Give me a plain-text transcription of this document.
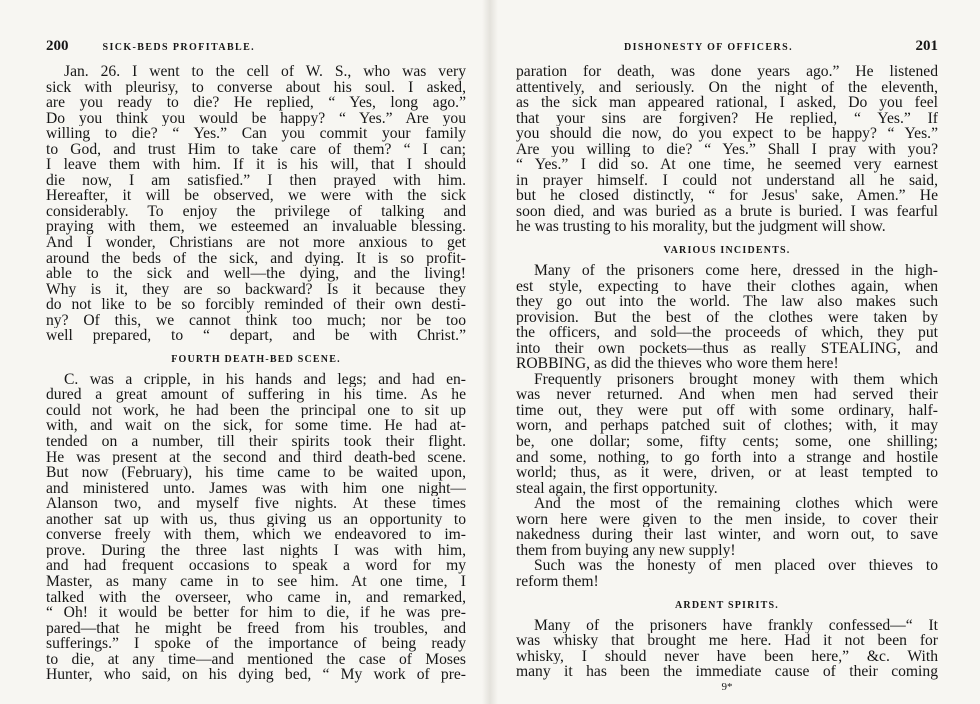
200	SICK-BEDS PROFITABLE.
Jan. 26. I went to the cell of W. S., who was very
sick with pleurisy, to converse about his soul. I asked,
are you ready to die? He replied, “ Yes, long ago.”
Do you think you would be happy? “ Yes.” Are you
willing to die? “ Yes.” Can you commit your family
to God, and trust Him to take care of them? “ I can;
I leave them with him. If it is his will, that I should
die now, I am satisfied.” I then prayed with him.
Hereafter, it will be observed, we were with the sick
considerably. To enjoy the privilege of talking and
praying with them, we esteemed an invaluable blessing.
And I wonder, Christians are not more anxious to get
around the beds of the sick, and dying. It is so profit-
able to the sick and well—the dying, and the living!
Why is it, they are so backward? Is it because they
do not like to be so forcibly reminded of their own desti-
ny? Of this, we cannot think too much; nor be too
well prepared, to “ depart, and be with Christ.”
FOURTH DEATH-BED SCENE.
C. was a cripple, in his hands and legs; and had en-
dured a great amount of suffering in his time. As he
could not work, he had been the principal one to sit up
with, and wait on the sick, for some time. He had at-
tended on a number, till their spirits took their flight.
He was present at the second and third death-bed scene.
But now (February), his time came to be waited upon,
and ministered unto. James was with him one night—
Alanson two, and myself five nights. At these times
another sat up with us, thus giving us an opportunity to
converse freely with them, which we endeavored to im-
prove. During the three last nights I was with him,
and had frequent occasions to speak a word for my
Master, as many came in to see him. At one time, I
talked with the overseer, who came in, and remarked,
“ Oh! it would be better for him to die, if he was pre-
pared—that he might be freed from his troubles, and
sufferings.” I spoke of the importance of being ready
to die, at any time—and mentioned the case of Moses
Hunter, who said, on his dying bed, “ My work of pre-
DISHONESTY OF OFFICERS.	201
paration for death, was done years ago.” He listened
attentively, and seriously. On the night of the eleventh,
as the sick man appeared rational, I asked, Do you feel
that your sins are forgiven? He replied, “ Yes.” If
you should die now, do you expect to be happy? “ Yes.”
Are you willing to die? “ Yes.” Shall I pray with you?
“ Yes.” I did so. At one time, he seemed very earnest
in prayer himself. I could not understand all he said,
but he closed distinctly, “ for Jesus' sake, Amen.” He
soon died, and was buried as a brute is buried. I was fearful
he was trusting to his morality, but the judgment will show.
VARIOUS INCIDENTS.
Many of the prisoners come here, dressed in the high-
est style, expecting to have their clothes again, when
they go out into the world. The law also makes such
provision. But the best of the clothes were taken by
the officers, and sold—the proceeds of which, they put
into their own pockets—thus as really STEALING, and
ROBBING, as did the thieves who wore them here!
Frequently prisoners brought money with them which
was never returned. And when men had served their
time out, they were put off with some ordinary, half-
worn, and perhaps patched suit of clothes; with, it may
be, one dollar; some, fifty cents; some, one shilling;
and some, nothing, to go forth into a strange and hostile
world; thus, as it were, driven, or at least tempted to
steal again, the first opportunity.
And the most of the remaining clothes which were
worn here were given to the men inside, to cover their
nakedness during their last winter, and worn out, to save
them from buying any new supply!
Such was the honesty of men placed over thieves to
reform them!
ARDENT SPIRITS.
Many of the prisoners have frankly confessed—“ It
was whisky that brought me here. Had it not been for
whisky, I should never have been here,” &c. With
many it has been the immediate cause of their coming
9*
